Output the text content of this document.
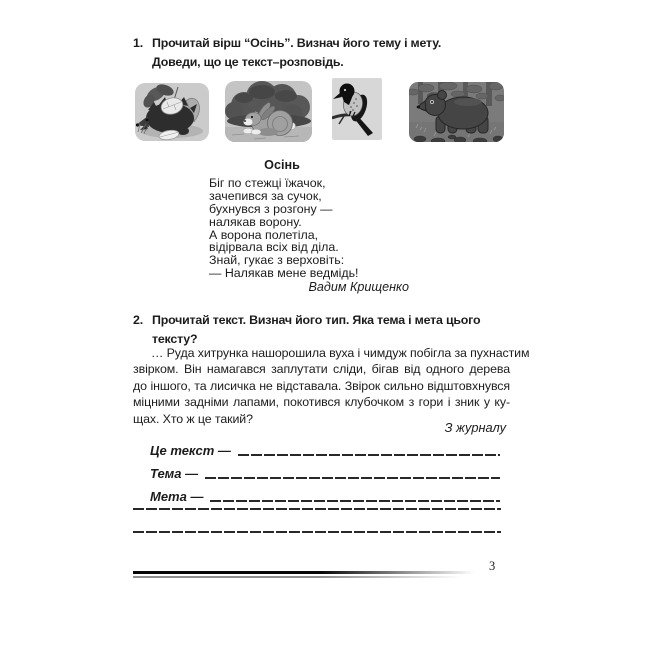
1. Прочитай вірш “Осінь”. Визнач його тему і мету.
Доведи, що це текст–розповідь.
Осінь
Біг по стежці їжачок,
зачепився за сучок,
бухнувся з розгону —
налякав ворону.
А ворона полетіла,
відірвала всіх від діла.
Знай, гукає з верховіть:
— Налякав мене ведмідь!
Вадим Крищенко
2. Прочитай текст. Визнач його тип. Яка тема і мета цього
тексту?
… Руда хитрунка нашорошила вуха і чимдуж побігла за пухнастим
звірком. Він намагався заплутати сліди, бігав від одного дерева
до іншого, та лисичка не відставала. Звірок сильно відштовхнувся
міцними задніми лапами, покотився клубочком з гори і зник у ку-
щах. Хто ж це такий?
З журналу
Це текст —
Тема —
Мета —
3
